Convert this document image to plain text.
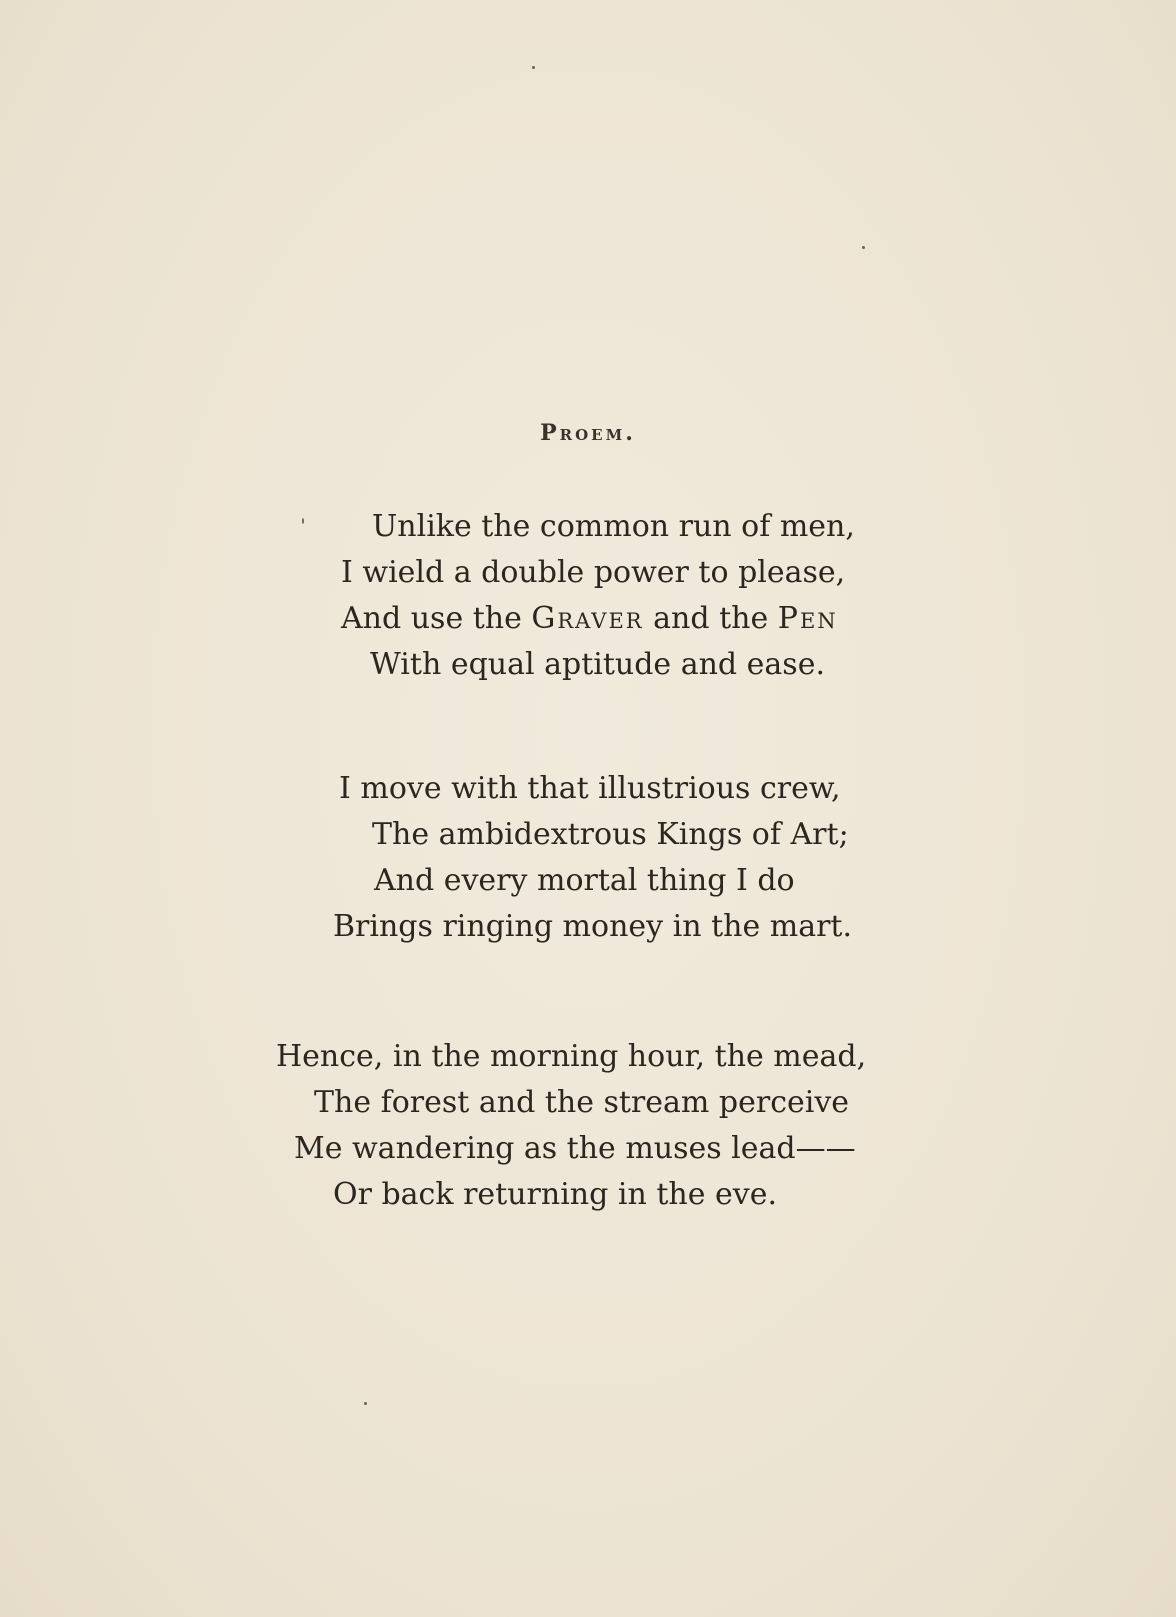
Proem.
Unlike the common run of men,
I wield a double power to please,
And use the Graver and the Pen
With equal aptitude and ease.
I move with that illustrious crew,
The ambidextrous Kings of Art;
And every mortal thing I do
Brings ringing money in the mart.
Hence, in the morning hour, the mead,
The forest and the stream perceive
Me wandering as the muses lead——
Or back returning in the eve.
